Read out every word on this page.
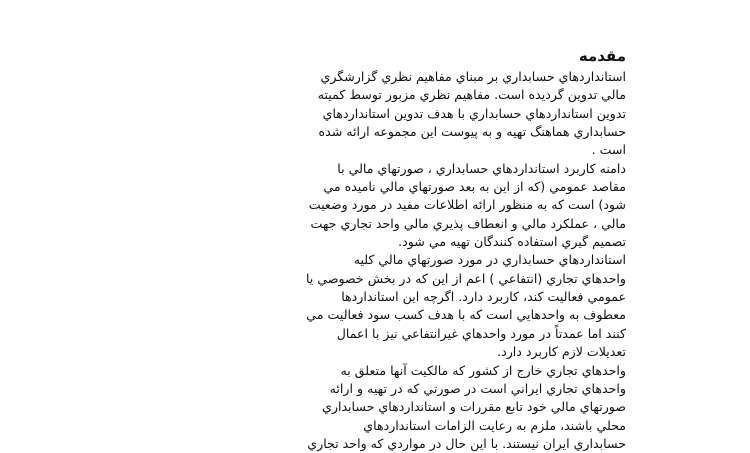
مقدمه
استانداردهاي حسابداري بر مبناي مفاهيم نظري گزارشگري
مالي تدوين گرديده است. مفاهيم نظري مزبور توسط كميته
تدوين استانداردهاي حسابداري با هدف تدوين استانداردهاي
حسابداري هماهنگ تهيه و به پيوست اين مجموعه ارائه شده
است .
دامنه كاربرد استانداردهاي حسابداري ، صورتهاي مالي با
مقاصد عمومي (كه از اين به بعد صورتهاي مالي ناميده مي
شود) است كه به منظور ارائه اطلاعات مفيد در مورد وضعيت
مالي ، عملكرد مالي و انعطاف پذيري مالي واحد تجاري جهت
تصميم گيري استفاده كنندگان تهيه مي شود.
استانداردهاي حسابداري در مورد صورتهاي مالي كليه
واحدهاي تجاري (انتفاعي ) اعم از اين كه در بخش خصوصي يا
عمومي فعاليت كند، كاربرد دارد. اگرچه اين استانداردها
معطوف به واحدهايي است كه با هدف كسب سود فعاليت مي
كنند اما عمدتاً در مورد واحدهاي غيرانتفاعي نيز با اعمال
تعديلات لازم كاربرد دارد.
واحدهاي تجاري خارج از كشور كه مالكيت آنها متعلق به
واحدهاي تجاري ايراني است در صورتي كه در تهيه و ارائه
صورتهاي مالي خود تابع مقررات و استانداردهاي حسابداري
محلي باشند، ملزم به رعايت الزامات استانداردهاي
حسابداري ايران نيستند. با اين حال در مواردي كه واحد تجاري
